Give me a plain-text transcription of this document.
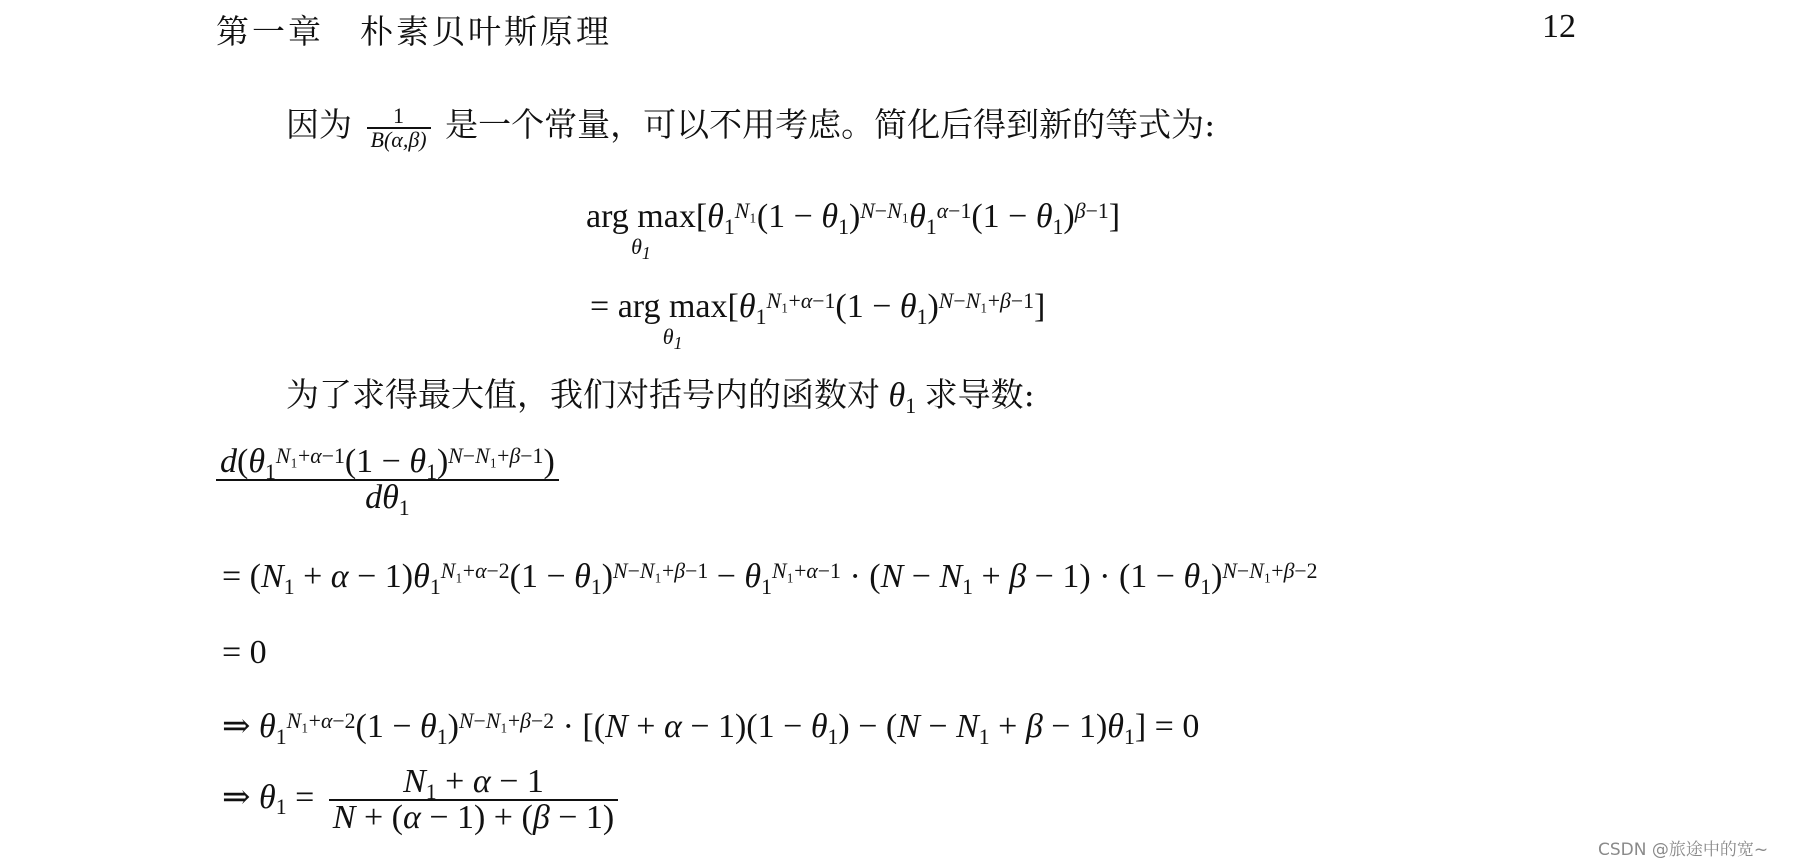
第一章　朴素贝叶斯原理	12
因为 $\frac{1}{B(\alpha,\beta)}$ 是一个常量，可以不用考虑。简化后得到新的等式为:
arg max
$\theta_1$
$[\theta_1^{N_1}(1 - \theta_1)^{N-N_1}\theta_1^{\alpha-1}(1 - \theta_1)^{\beta-1}]$
= arg max
$\theta_1$
$[\theta_1^{N_1+\alpha-1}(1 - \theta_1)^{N-N_1+\beta-1}]$
为了求得最大值，我们对括号内的函数对 $\theta_1$ 求导数:
$\frac{d(\theta_1^{N_1+\alpha-1}(1 - \theta_1)^{N-N_1+\beta-1})}{d\theta_1}$
= $(N_1 + \alpha - 1)\theta_1^{N_1+\alpha-2}(1 - \theta_1)^{N-N_1+\beta-1} - \theta_1^{N_1+\alpha-1} \cdot (N - N_1 + \beta - 1) \cdot (1 - \theta_1)^{N-N_1+\beta-2}$
= 0
⇒ $\theta_1^{N_1+\alpha-2}(1 - \theta_1)^{N-N_1+\beta-2} \cdot [(N + \alpha - 1)(1 - \theta_1) - (N - N_1 + \beta - 1)\theta_1] = 0$
⇒ $\theta_1 = \frac{N_1 + \alpha - 1}{N + (\alpha - 1) + (\beta - 1)}$
CSDN @旅途中的宽~
